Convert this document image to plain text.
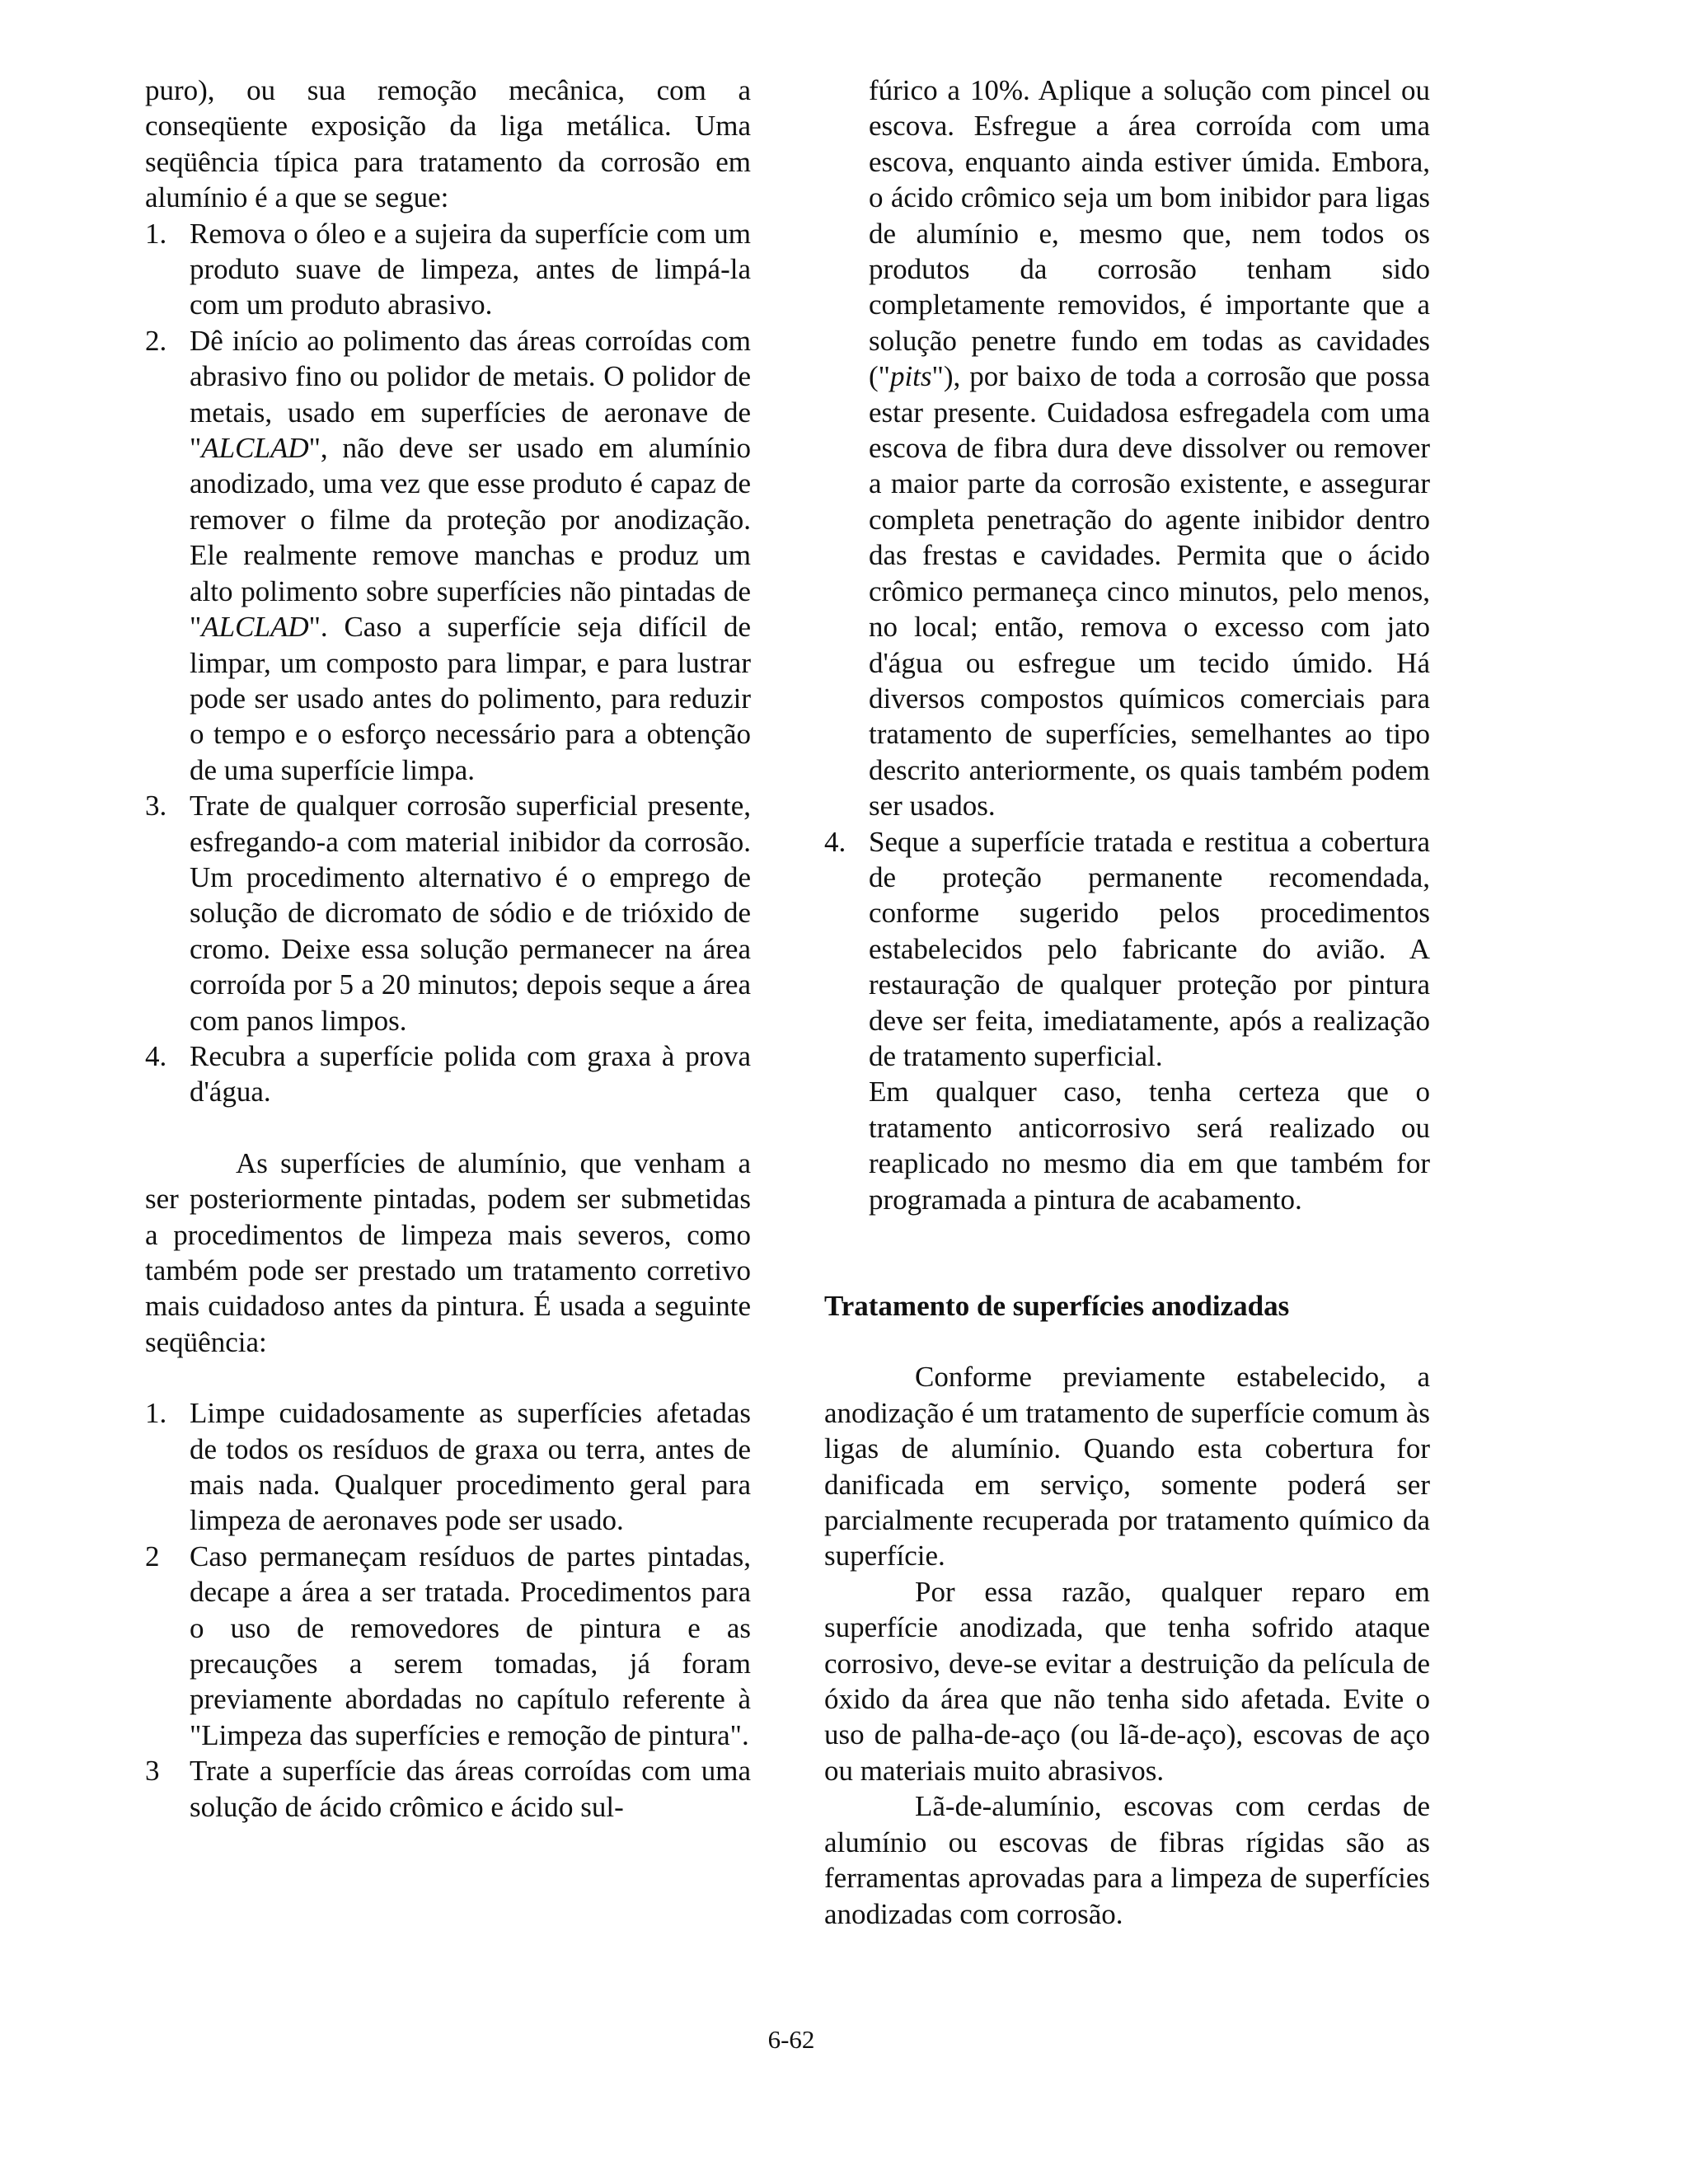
puro), ou sua remoção mecânica, com a conseqüente exposição da liga metálica. Uma seqüência típica para tratamento da corrosão em alumínio é a que se segue:

1. Remova o óleo e a sujeira da superfície com um produto suave de limpeza, antes de limpá-la com um produto abrasivo.
2. Dê início ao polimento das áreas corroídas com abrasivo fino ou polidor de metais. O polidor de metais, usado em superfícies de aeronave de "ALCLAD", não deve ser usado em alumínio anodizado, uma vez que esse produto é capaz de remover o filme da proteção por anodização. Ele realmente remove manchas e produz um alto polimento sobre superfícies não pintadas de "ALCLAD". Caso a superfície seja difícil de limpar, um composto para limpar, e para lustrar pode ser usado antes do polimento, para reduzir o tempo e o esforço necessário para a obtenção de uma superfície limpa.
3. Trate de qualquer corrosão superficial presente, esfregando-a com material inibidor da corrosão. Um procedimento alternativo é o emprego de solução de dicromato de sódio e de trióxido de cromo. Deixe essa solução permanecer na área corroída por 5 a 20 minutos; depois seque a área com panos limpos.
4. Recubra a superfície polida com graxa à prova d'água.

As superfícies de alumínio, que venham a ser posteriormente pintadas, podem ser submetidas a procedimentos de limpeza mais severos, como também pode ser prestado um tratamento corretivo mais cuidadoso antes da pintura. É usada a seguinte seqüência:

1. Limpe cuidadosamente as superfícies afetadas de todos os resíduos de graxa ou terra, antes de mais nada. Qualquer procedimento geral para limpeza de aeronaves pode ser usado.
2 Caso permaneçam resíduos de partes pintadas, decape a área a ser tratada. Procedimentos para o uso de removedores de pintura e as precauções a serem tomadas, já foram previamente abordadas no capítulo referente à "Limpeza das superfícies e remoção de pintura".
3 Trate a superfície das áreas corroídas com uma solução de ácido crômico e ácido sul-

fúrico a 10%. Aplique a solução com pincel ou escova. Esfregue a área corroída com uma escova, enquanto ainda estiver úmida. Embora, o ácido crômico seja um bom inibidor para ligas de alumínio e, mesmo que, nem todos os produtos da corrosão tenham sido completamente removidos, é importante que a solução penetre fundo em todas as cavidades ("pits"), por baixo de toda a corrosão que possa estar presente. Cuidadosa esfregadela com uma escova de fibra dura deve dissolver ou remover a maior parte da corrosão existente, e assegurar completa penetração do agente inibidor dentro das frestas e cavidades. Permita que o ácido crômico permaneça cinco minutos, pelo menos, no local; então, remova o excesso com jato d'água ou esfregue um tecido úmido. Há diversos compostos químicos comerciais para tratamento de superfícies, semelhantes ao tipo descrito anteriormente, os quais também podem ser usados.

4. Seque a superfície tratada e restitua a cobertura de proteção permanente recomendada, conforme sugerido pelos procedimentos estabelecidos pelo fabricante do avião. A restauração de qualquer proteção por pintura deve ser feita, imediatamente, após a realização de tratamento superficial.

Em qualquer caso, tenha certeza que o tratamento anticorrosivo será realizado ou reaplicado no mesmo dia em que também for programada a pintura de acabamento.

Tratamento de superfícies anodizadas

Conforme previamente estabelecido, a anodização é um tratamento de superfície comum às ligas de alumínio. Quando esta cobertura for danificada em serviço, somente poderá ser parcialmente recuperada por tratamento químico da superfície.

Por essa razão, qualquer reparo em superfície anodizada, que tenha sofrido ataque corrosivo, deve-se evitar a destruição da película de óxido da área que não tenha sido afetada. Evite o uso de palha-de-aço (ou lã-de-aço), escovas de aço ou materiais muito abrasivos.

Lã-de-alumínio, escovas com cerdas de alumínio ou escovas de fibras rígidas são as ferramentas aprovadas para a limpeza de superfícies anodizadas com corrosão.

6-62
